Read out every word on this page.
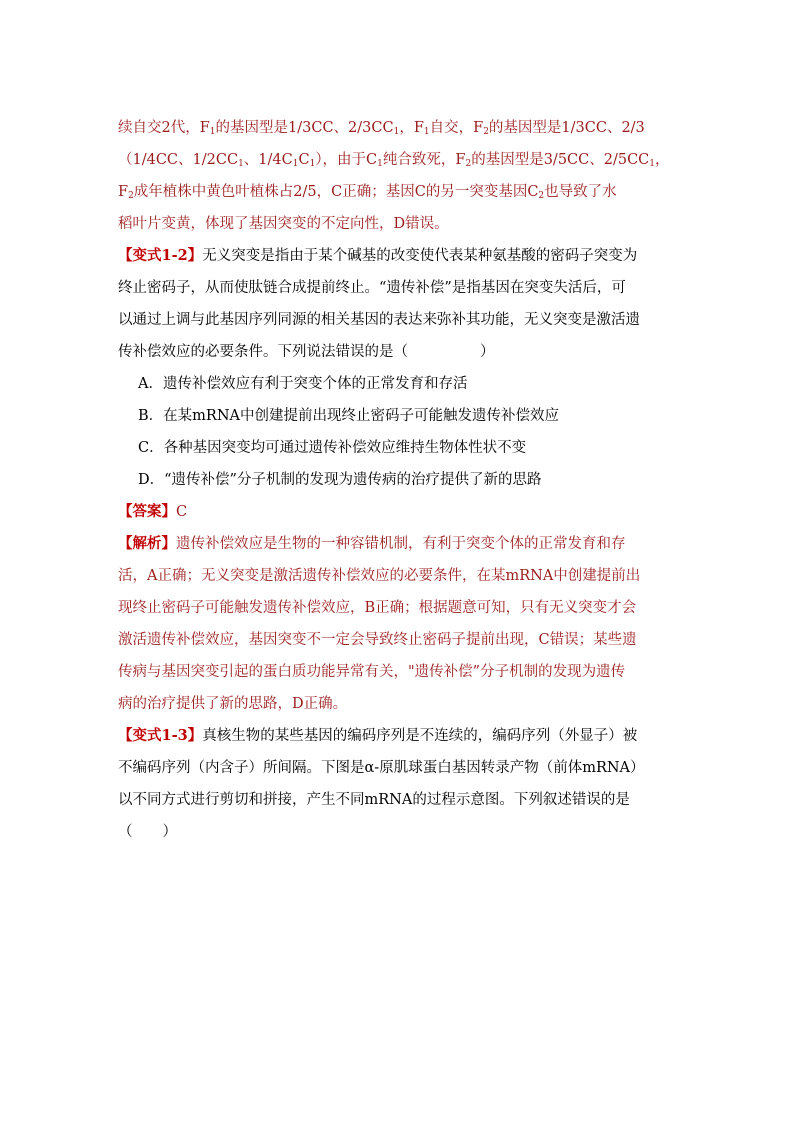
续自交2代，$F_1$的基因型是1/3CC、$2/3CC_1$，$F_1$自交，$F_2$的基因型是1/3CC、2/3
（1/4CC、$1/2CC_1$、$1/4C_1C_1$），由于$C_1$纯合致死，$F_2$的基因型是3/5CC、$2/5CC_1$，
$F_2$成年植株中黄色叶植株占2/5，C正确；基因C的另一突变基因$C_2$也导致了水
稻叶片变黄，体现了基因突变的不定向性，D错误。
【变式1-2】无义突变是指由于某个碱基的改变使代表某种氨基酸的密码子突变为
终止密码子，从而使肽链合成提前终止。“遗传补偿”是指基因在突变失活后，可
以通过上调与此基因序列同源的相关基因的表达来弥补其功能，无义突变是激活遗
传补偿效应的必要条件。下列说法错误的是（	）
A．遗传补偿效应有利于突变个体的正常发育和存活
B．在某mRNA中创建提前出现终止密码子可能触发遗传补偿效应
C．各种基因突变均可通过遗传补偿效应维持生物体性状不变
D．“遗传补偿”分子机制的发现为遗传病的治疗提供了新的思路
【答案】C
【解析】遗传补偿效应是生物的一种容错机制，有利于突变个体的正常发育和存
活，A正确；无义突变是激活遗传补偿效应的必要条件，在某mRNA中创建提前出
现终止密码子可能触发遗传补偿效应，B正确；根据题意可知，只有无义突变才会
激活遗传补偿效应，基因突变不一定会导致终止密码子提前出现，C错误；某些遗
传病与基因突变引起的蛋白质功能异常有关，"遗传补偿”分子机制的发现为遗传
病的治疗提供了新的思路，D正确。
【变式1-3】真核生物的某些基因的编码序列是不连续的，编码序列（外显子）被
不编码序列（内含子）所间隔。下图是α-原肌球蛋白基因转录产物（前体mRNA）
以不同方式进行剪切和拼接，产生不同mRNA的过程示意图。下列叙述错误的是
（ ）
